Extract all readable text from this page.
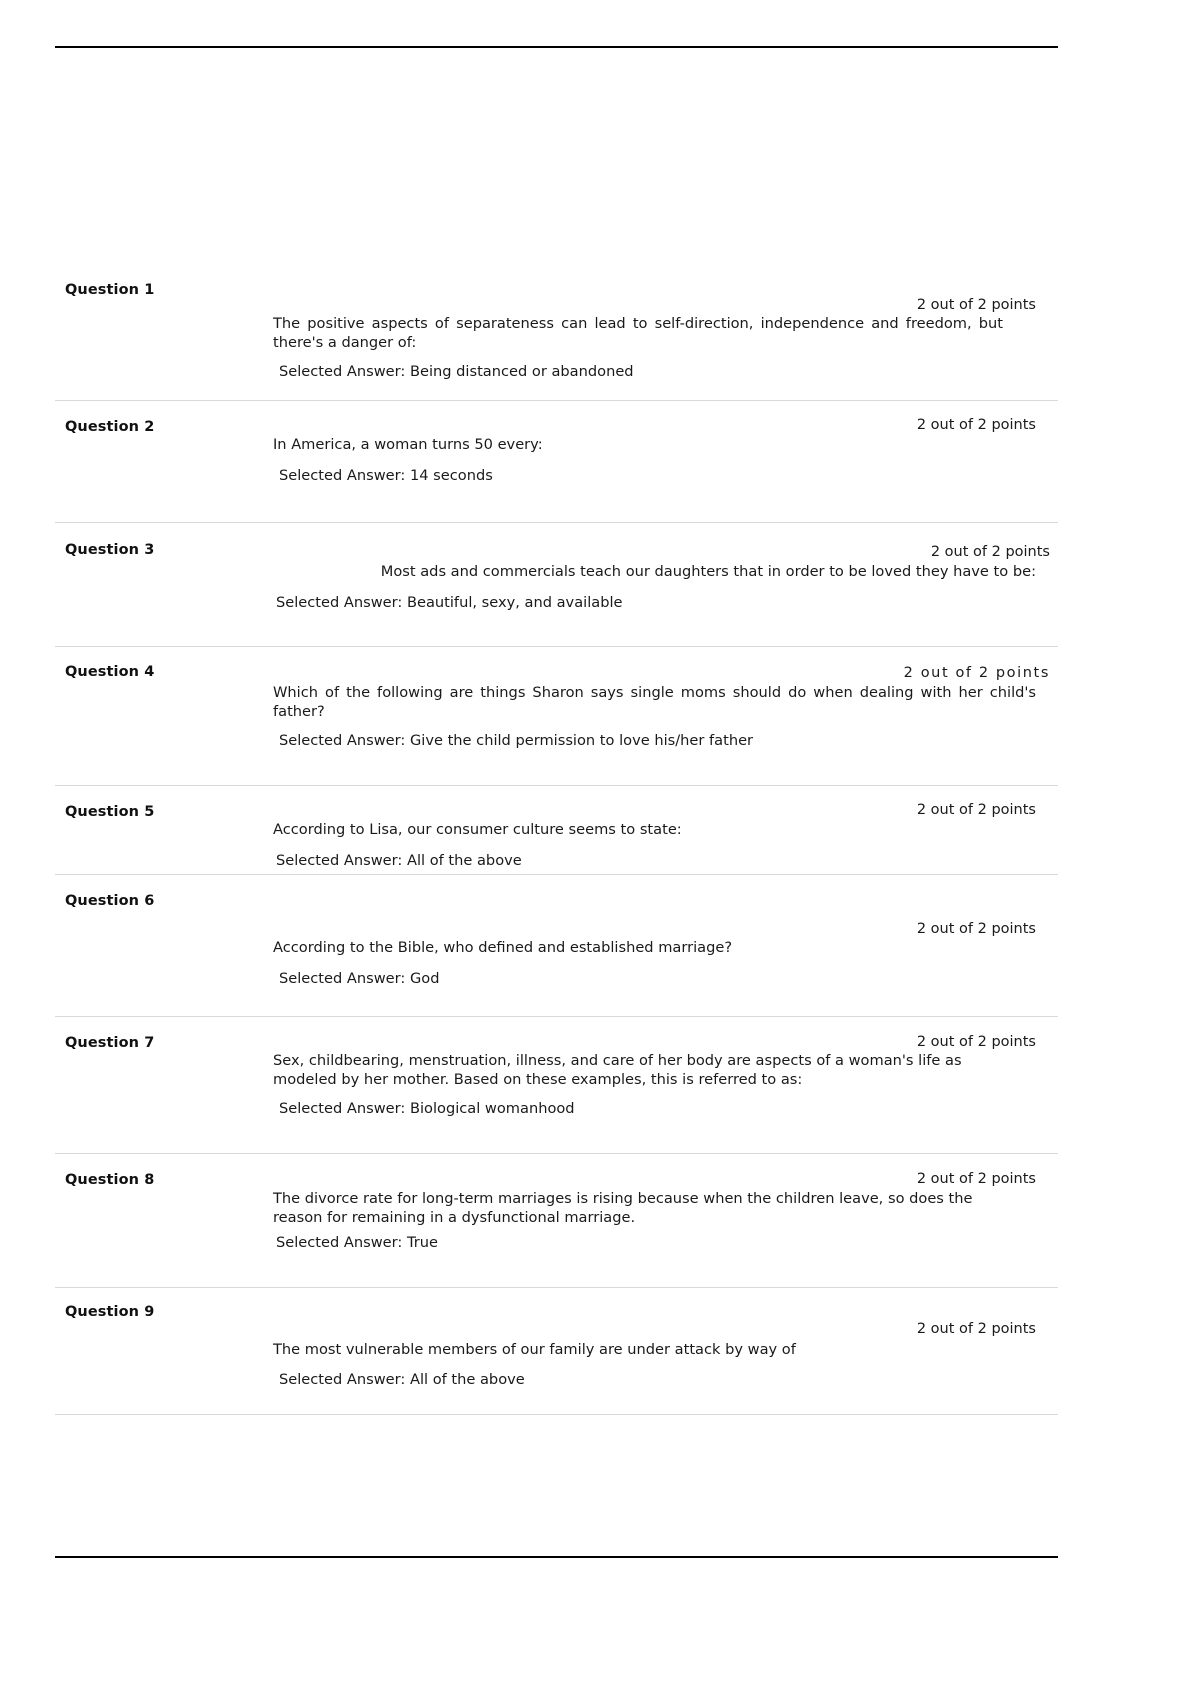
Question 1
2 out of 2 points
The positive aspects of separateness can lead to self-direction, independence and freedom, but there's a danger of:
Selected Answer: Being distanced or abandoned
Question 2	2 out of 2 points
In America, a woman turns 50 every:
Selected Answer: 14 seconds
Question 3	2 out of 2 points
Most ads and commercials teach our daughters that in order to be loved they have to be:
Selected Answer: Beautiful, sexy, and available
Question 4	2 out of 2 points
Which of the following are things Sharon says single moms should do when dealing with her child's father?
Selected Answer: Give the child permission to love his/her father
Question 5	2 out of 2 points
According to Lisa, our consumer culture seems to state:
Selected Answer: All of the above
Question 6
2 out of 2 points
According to the Bible, who defined and established marriage?
Selected Answer: God
Question 7	2 out of 2 points
Sex, childbearing, menstruation, illness, and care of her body are aspects of a woman's life as modeled by her mother. Based on these examples, this is referred to as:
Selected Answer: Biological womanhood
Question 8	2 out of 2 points
The divorce rate for long-term marriages is rising because when the children leave, so does the reason for remaining in a dysfunctional marriage.
Selected Answer: True
Question 9
2 out of 2 points
The most vulnerable members of our family are under attack by way of
Selected Answer: All of the above
